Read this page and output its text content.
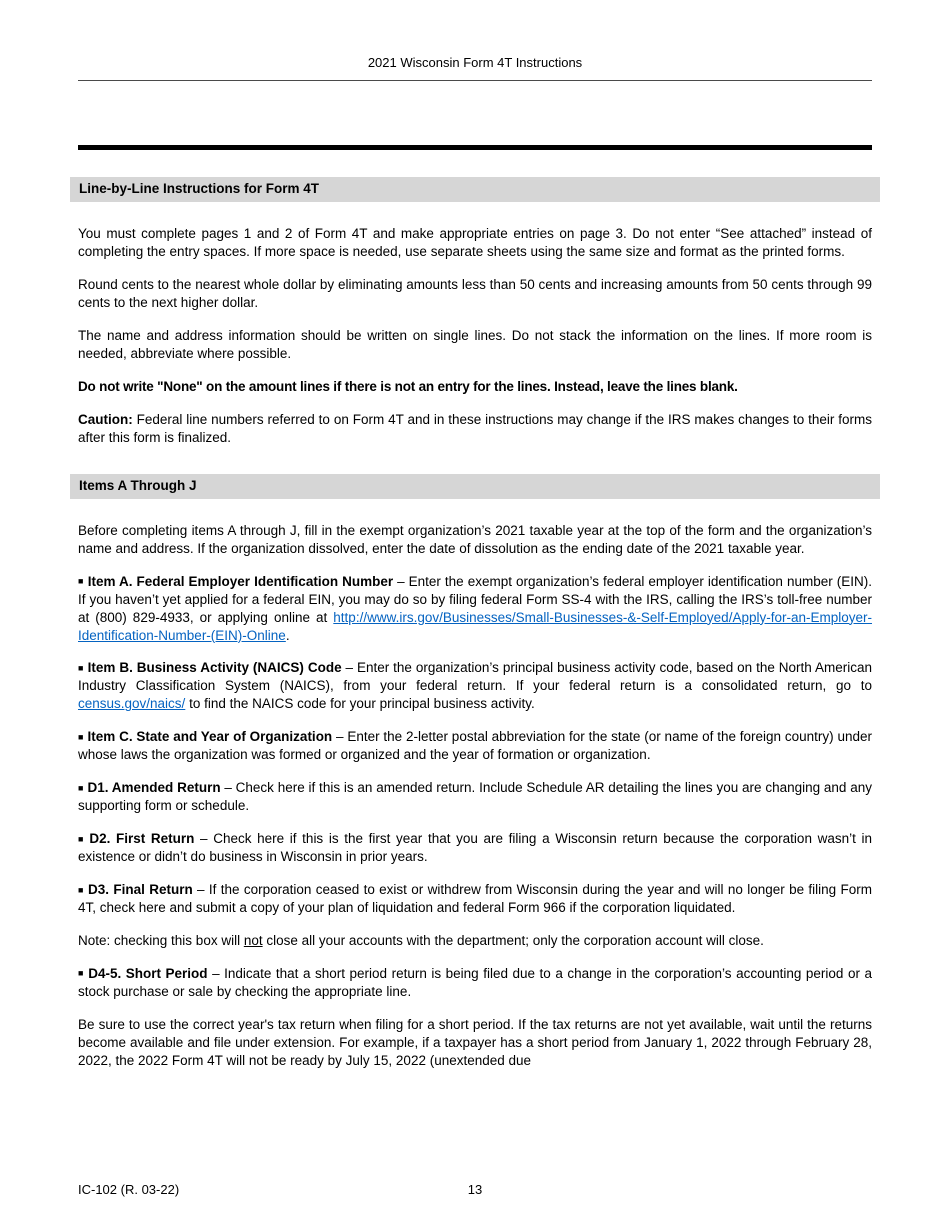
2021 Wisconsin Form 4T Instructions
Line-by-Line Instructions for Form 4T

You must complete pages 1 and 2 of Form 4T and make appropriate entries on page 3. Do not enter “See attached” instead of completing the entry spaces. If more space is needed, use separate sheets using the same size and format as the printed forms.

Round cents to the nearest whole dollar by eliminating amounts less than 50 cents and increasing amounts from 50 cents through 99 cents to the next higher dollar.

The name and address information should be written on single lines. Do not stack the information on the lines. If more room is needed, abbreviate where possible.

Do not write "None" on the amount lines if there is not an entry for the lines. Instead, leave the lines blank.

Caution: Federal line numbers referred to on Form 4T and in these instructions may change if the IRS makes changes to their forms after this form is finalized.

Items A Through J

Before completing items A through J, fill in the exempt organization’s 2021 taxable year at the top of the form and the organization’s name and address. If the organization dissolved, enter the date of dissolution as the ending date of the 2021 taxable year.

■ Item A. Federal Employer Identification Number – Enter the exempt organization’s federal employer identification number (EIN). If you haven’t yet applied for a federal EIN, you may do so by filing federal Form SS-4 with the IRS, calling the IRS’s toll-free number at (800) 829-4933, or applying online at http://www.irs.gov/Businesses/Small-Businesses-&-Self-Employed/Apply-for-an-Employer-Identification-Number-(EIN)-Online.

■ Item B. Business Activity (NAICS) Code – Enter the organization’s principal business activity code, based on the North American Industry Classification System (NAICS), from your federal return. If your federal return is a consolidated return, go to census.gov/naics/ to find the NAICS code for your principal business activity.

■ Item C. State and Year of Organization – Enter the 2-letter postal abbreviation for the state (or name of the foreign country) under whose laws the organization was formed or organized and the year of formation or organization.

■ D1. Amended Return – Check here if this is an amended return. Include Schedule AR detailing the lines you are changing and any supporting form or schedule.

■ D2. First Return – Check here if this is the first year that you are filing a Wisconsin return because the corporation wasn’t in existence or didn’t do business in Wisconsin in prior years.

■ D3. Final Return – If the corporation ceased to exist or withdrew from Wisconsin during the year and will no longer be filing Form 4T, check here and submit a copy of your plan of liquidation and federal Form 966 if the corporation liquidated.

Note: checking this box will not close all your accounts with the department; only the corporation account will close.

■ D4-5. Short Period – Indicate that a short period return is being filed due to a change in the corporation’s accounting period or a stock purchase or sale by checking the appropriate line.

Be sure to use the correct year's tax return when filing for a short period. If the tax returns are not yet available, wait until the returns become available and file under extension. For example, if a taxpayer has a short period from January 1, 2022 through February 28, 2022, the 2022 Form 4T will not be ready by July 15, 2022 (unextended due

IC-102 (R. 03-22)	13
